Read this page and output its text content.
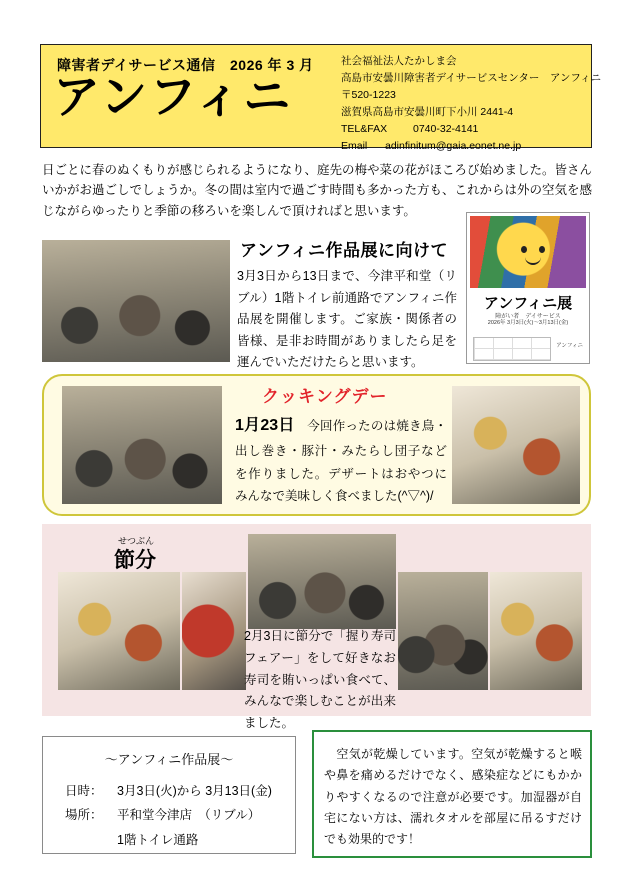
障害者デイサービス通信　2026 年 3 月
アンフィニ
社会福祉法人たかしま会
高島市安曇川障害者デイサービスセンター　アンフィニ
〒520-1223
滋賀県高島市安曇川町下小川 2441-4
TEL&FAX 0740-32-4141
Email adinfinitum@gaia.eonet.ne.jp
日ごとに春のぬくもりが感じられるようになり、庭先の梅や菜の花がほころび始めました。皆さんいかがお過ごしでしょうか。冬の間は室内で過ごす時間も多かった方も、これからは外の空気を感じながらゆったりと季節の移ろいを楽しんで頂ければと思います。
アンフィニ作品展に向けて
3月3日から13日まで、今津平和堂（リブル）1階トイレ前通路でアンフィニ作品展を開催します。ご家族・関係者の皆様、是非お時間がありましたら足を運んでいただけたらと思います。
アンフィニ展
障がい者　デイサービス
2026年 3月3日(火)～3月13日(金)
アンフィニ
クッキングデー
1月23日　今回作ったのは焼き鳥・出し巻き・豚汁・みたらし団子などを作りました。デザートはおやつにみんなで美味しく食べました(^▽^)/
せつぶん
節分
2月3日に節分で「握り寿司フェアー」をして好きなお寿司を賄いっぱい食べて、みんなで楽しむことが出来ました。
～アンフィニ作品展～
日時： 3月3日(火)から 3月13日(金)
場所： 平和堂今津店　（リブル）
1階トイレ通路
　空気が乾燥しています。空気が乾燥すると喉や鼻を痛めるだけでなく、感染症などにもかかりやすくなるので注意が必要です。加湿器が自宅にない方は、濡れタオルを部屋に吊るすだけでも効果的です！
